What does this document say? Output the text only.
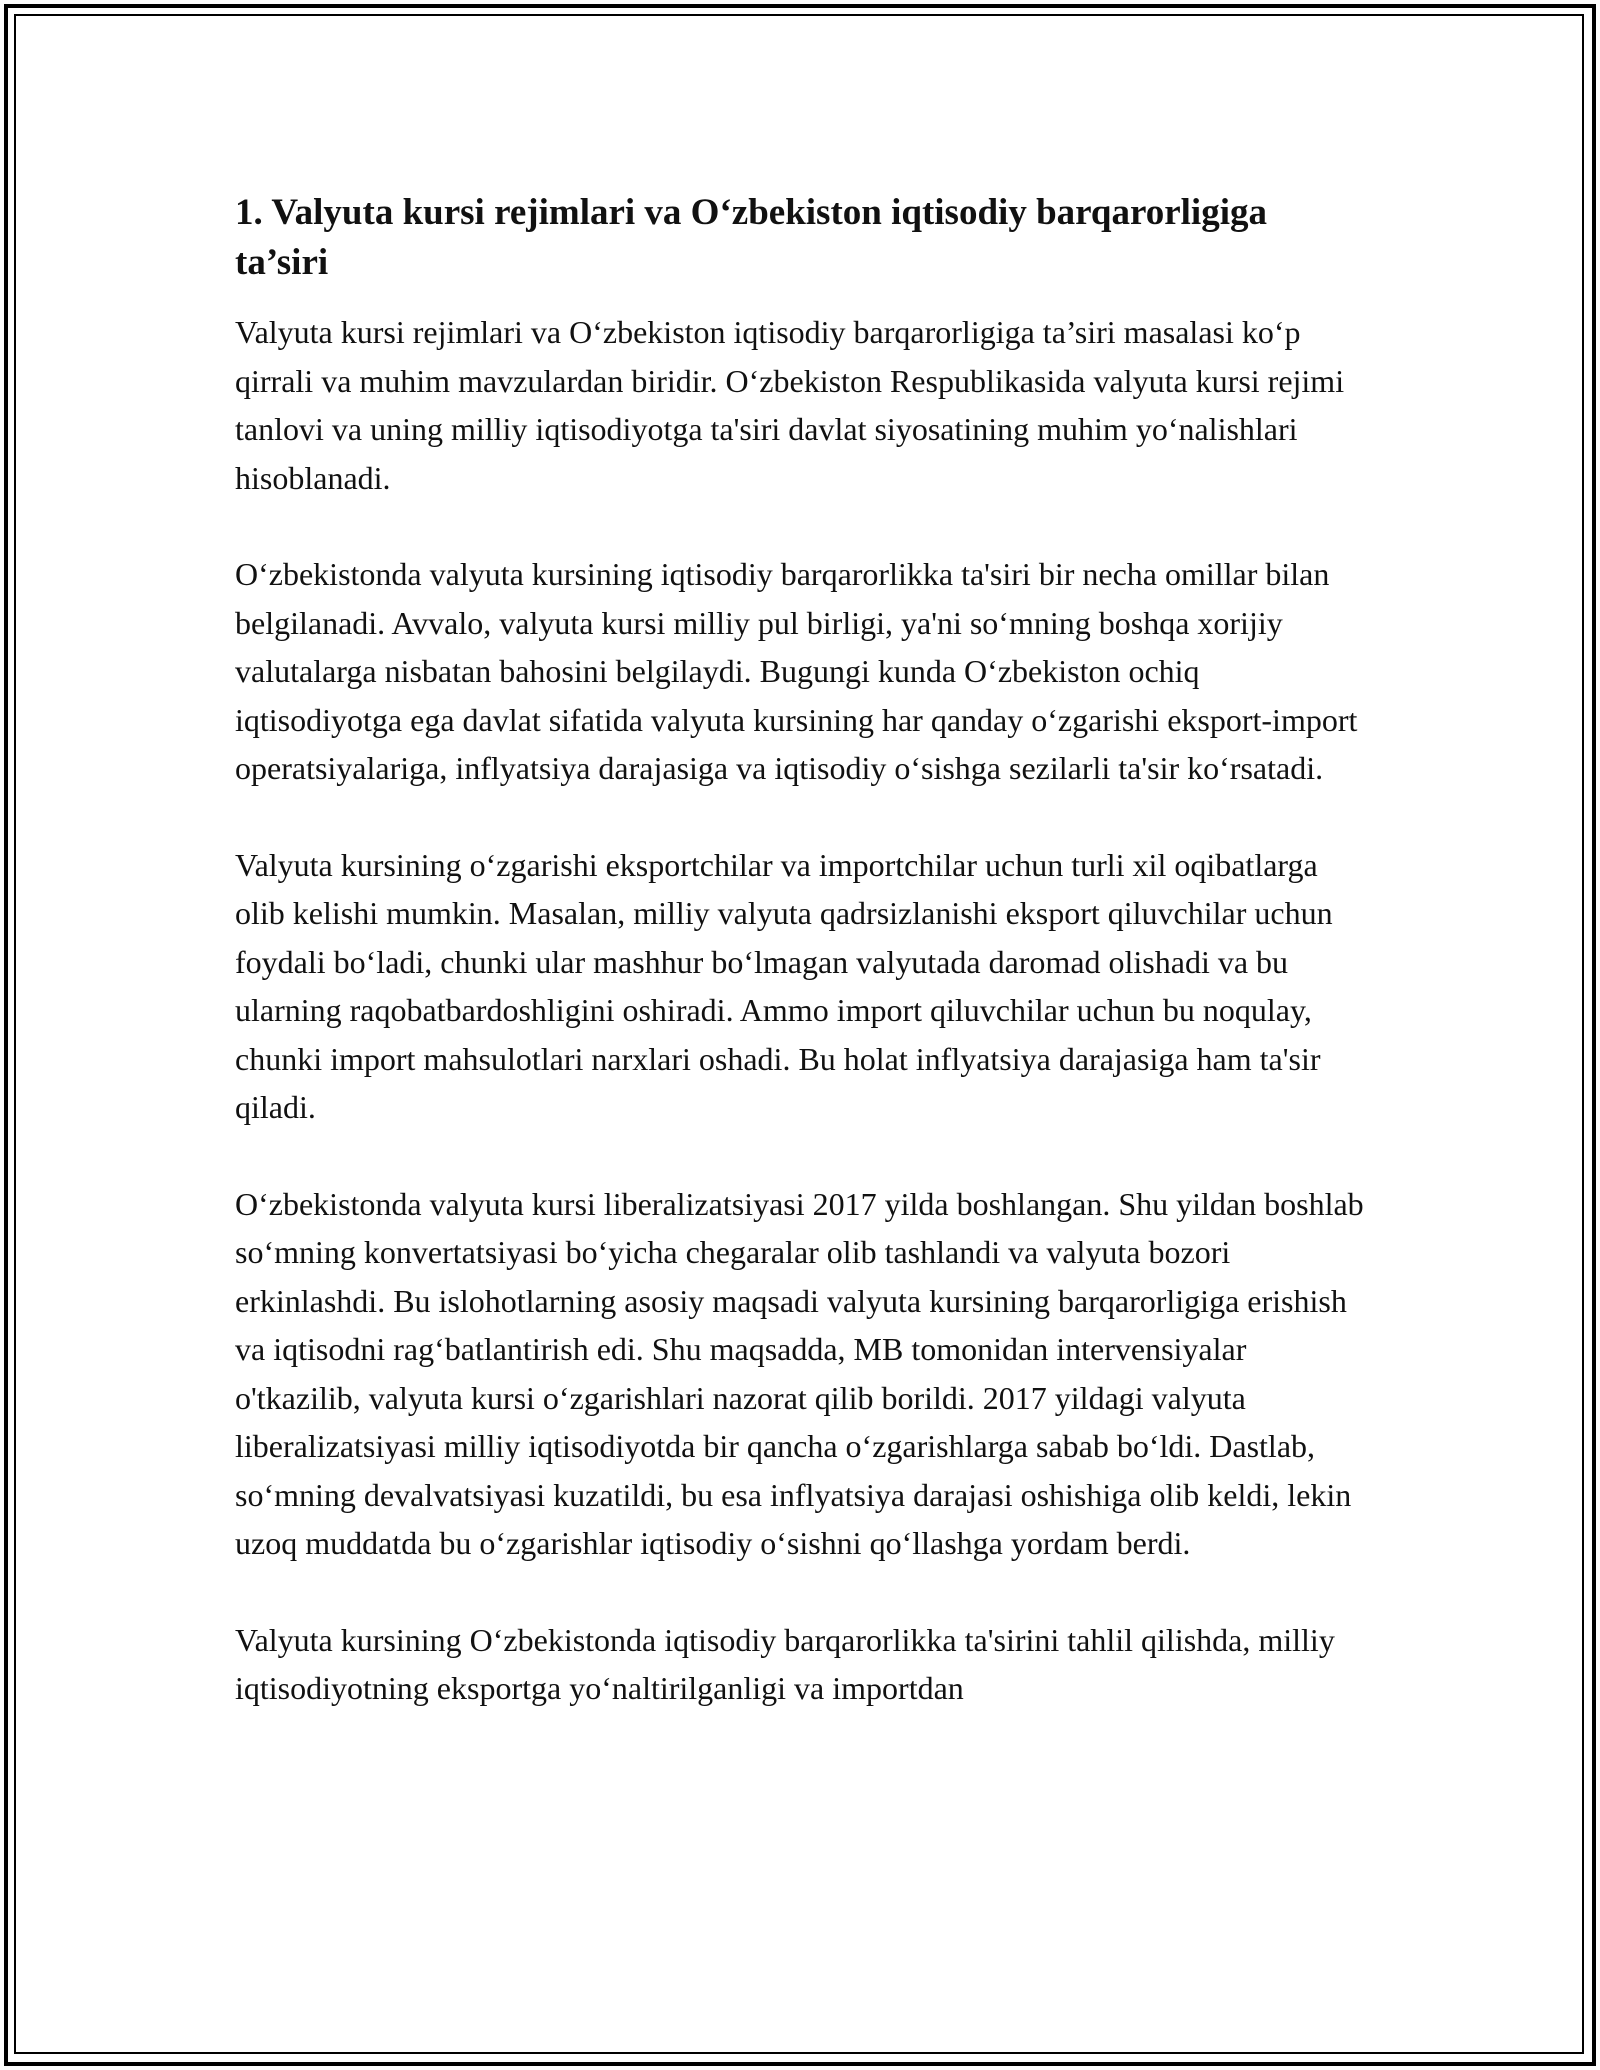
1. Valyuta kursi rejimlari va O‘zbekiston iqtisodiy barqarorligiga ta’siri

Valyuta kursi rejimlari va O‘zbekiston iqtisodiy barqarorligiga ta’siri masalasi ko‘p qirrali va muhim mavzulardan biridir. O‘zbekiston Respublikasida valyuta kursi rejimi tanlovi va uning milliy iqtisodiyotga ta'siri davlat siyosatining muhim yo‘nalishlari hisoblanadi.

O‘zbekistonda valyuta kursining iqtisodiy barqarorlikka ta'siri bir necha omillar bilan belgilanadi. Avvalo, valyuta kursi milliy pul birligi, ya'ni so‘mning boshqa xorijiy valutalarga nisbatan bahosini belgilaydi. Bugungi kunda O‘zbekiston ochiq iqtisodiyotga ega davlat sifatida valyuta kursining har qanday o‘zgarishi eksport-import operatsiyalariga, inflyatsiya darajasiga va iqtisodiy o‘sishga sezilarli ta'sir ko‘rsatadi.

Valyuta kursining o‘zgarishi eksportchilar va importchilar uchun turli xil oqibatlarga olib kelishi mumkin. Masalan, milliy valyuta qadrsizlanishi eksport qiluvchilar uchun foydali bo‘ladi, chunki ular mashhur bo‘lmagan valyutada daromad olishadi va bu ularning raqobatbardoshligini oshiradi. Ammo import qiluvchilar uchun bu noqulay, chunki import mahsulotlari narxlari oshadi. Bu holat inflyatsiya darajasiga ham ta'sir qiladi.

O‘zbekistonda valyuta kursi liberalizatsiyasi 2017 yilda boshlangan. Shu yildan boshlab so‘mning konvertatsiyasi bo‘yicha chegaralar olib tashlandi va valyuta bozori erkinlashdi. Bu islohotlarning asosiy maqsadi valyuta kursining barqarorligiga erishish va iqtisodni rag‘batlantirish edi. Shu maqsadda, MB tomonidan intervensiyalar o'tkazilib, valyuta kursi o‘zgarishlari nazorat qilib borildi. 2017 yildagi valyuta liberalizatsiyasi milliy iqtisodiyotda bir qancha o‘zgarishlarga sabab bo‘ldi. Dastlab, so‘mning devalvatsiyasi kuzatildi, bu esa inflyatsiya darajasi oshishiga olib keldi, lekin uzoq muddatda bu o‘zgarishlar iqtisodiy o‘sishni qo‘llashga yordam berdi.

Valyuta kursining O‘zbekistonda iqtisodiy barqarorlikka ta'sirini tahlil qilishda, milliy iqtisodiyotning eksportga yo‘naltirilganligi va importdan
